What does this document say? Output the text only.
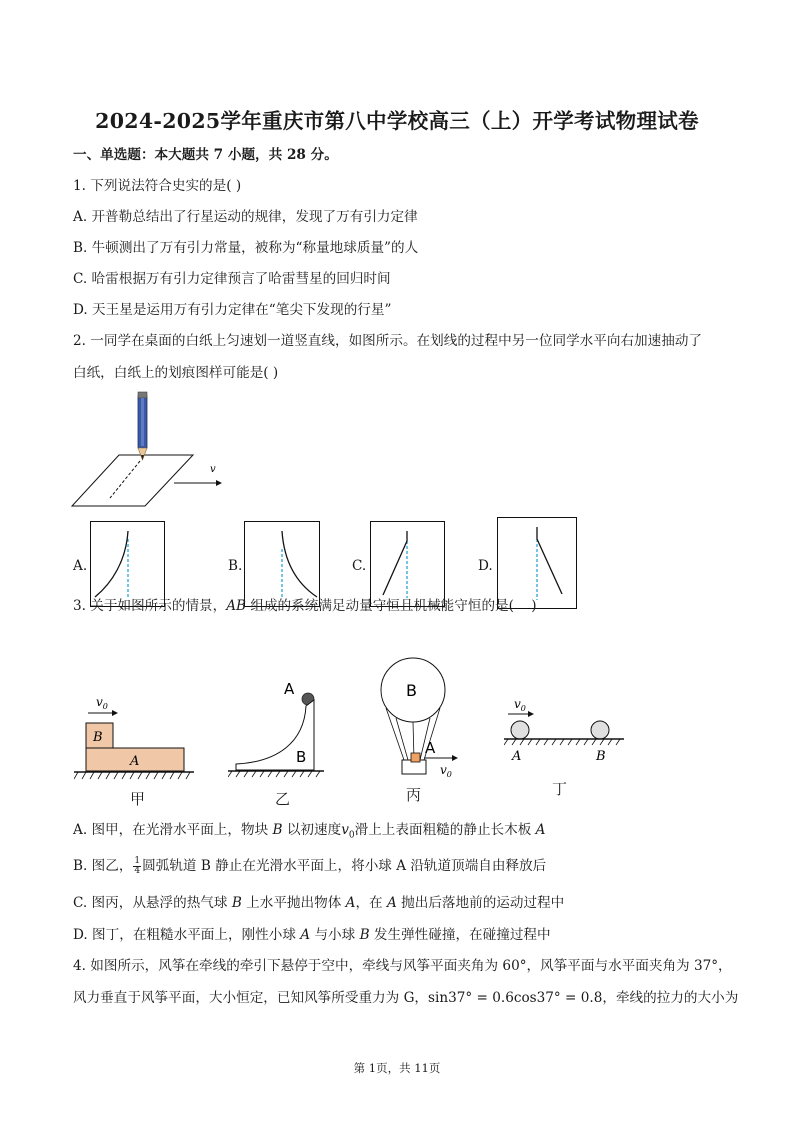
2024-2025学年重庆市第八中学校高三（上）开学考试物理试卷
一、单选题：本大题共 7 小题，共 28 分。
1. 下列说法符合史实的是( )
A. 开普勒总结出了行星运动的规律，发现了万有引力定律
B. 牛顿测出了万有引力常量，被称为“称量地球质量”的人
C. 哈雷根据万有引力定律预言了哈雷彗星的回归时间
D. 天王星是运用万有引力定律在“笔尖下发现的行星”
2. 一同学在桌面的白纸上匀速划一道竖直线，如图所示。在划线的过程中另一位同学水平向右加速抽动了
白纸，白纸上的划痕图样可能是( )
v
A.	B.	C.	D.
3. 关于如图所示的情景，AB 组成的系统满足动量守恒且机械能守恒的是(    )
$v_0$
B
A
甲
A
B
乙
B
A
$v_0$
丙
$v_0$
A	B
丁
A. 图甲，在光滑水平面上，物块 B 以初速度$v_0$滑上上表面粗糙的静止长木板 A
B. 图乙， $\frac{1}{4}$ 圆弧轨道 B 静止在光滑水平面上，将小球 A 沿轨道顶端自由释放后
C. 图丙，从悬浮的热气球 B 上水平抛出物体 A，在 A 抛出后落地前的运动过程中
D. 图丁，在粗糙水平面上，刚性小球 A 与小球 B 发生弹性碰撞，在碰撞过程中
4. 如图所示，风筝在牵线的牵引下悬停于空中，牵线与风筝平面夹角为 60°，风筝平面与水平面夹角为 37°，
风力垂直于风筝平面，大小恒定，已知风筝所受重力为 G，sin37° = 0.6cos37° = 0.8，牵线的拉力的大小为
第 1页，共 11页
